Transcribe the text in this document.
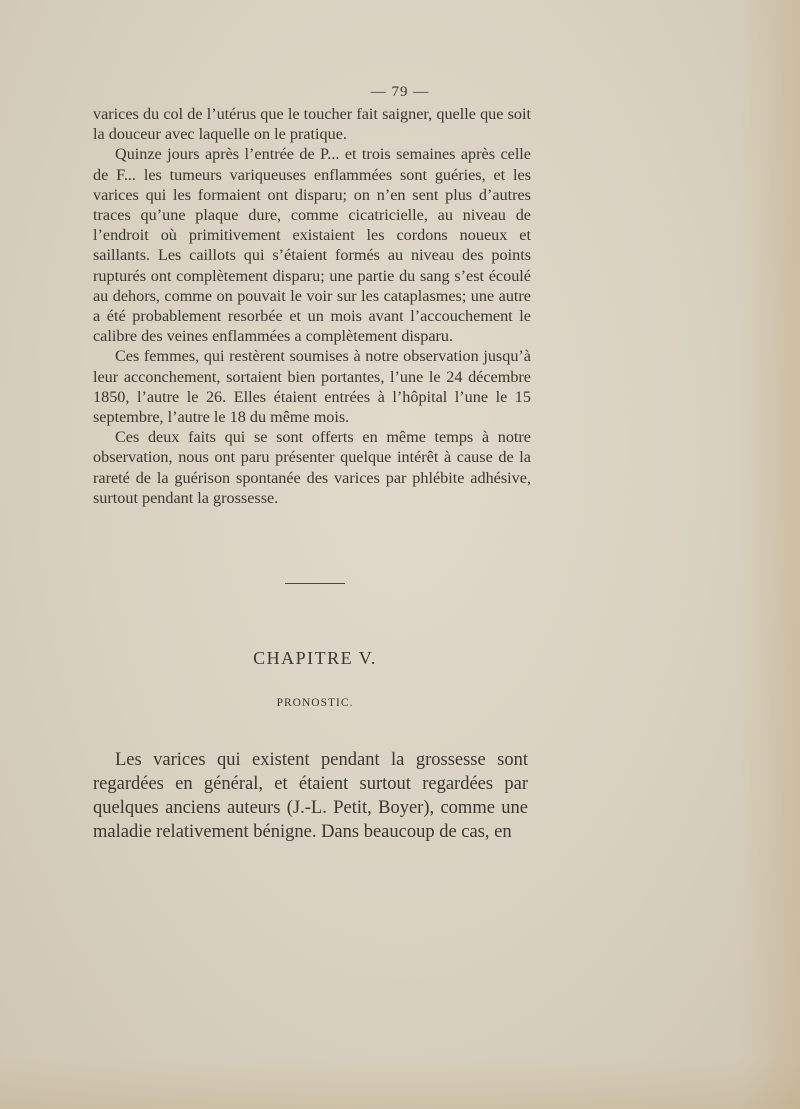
— 79 —

varices du col de l’utérus que le toucher fait saigner, quelle que soit la douceur avec laquelle on le pratique.

Quinze jours après l’entrée de P... et trois semaines après celle de F... les tumeurs variqueuses enflammées sont guéries, et les varices qui les formaient ont disparu; on n’en sent plus d’autres traces qu’une plaque dure, comme cicatricielle, au niveau de l’endroit où primitivement existaient les cordons noueux et saillants. Les caillots qui s’étaient formés au niveau des points rupturés ont complètement disparu; une partie du sang s’est écoulé au dehors, comme on pouvait le voir sur les cataplasmes; une autre a été probablement resorbée et un mois avant l’accouchement le calibre des veines enflammées a complètement disparu.

Ces femmes, qui restèrent soumises à notre observation jusqu’à leur acconchement, sortaient bien portantes, l’une le 24 décembre 1850, l’autre le 26. Elles étaient entrées à l’hôpital l’une le 15 septembre, l’autre le 18 du même mois.

Ces deux faits qui se sont offerts en même temps à notre observation, nous ont paru présenter quelque intérêt à cause de la rareté de la guérison spontanée des varices par phlébite adhésive, surtout pendant la grossesse.

CHAPITRE V.
PRONOSTIC.

Les varices qui existent pendant la grossesse sont regardées en général, et étaient surtout regardées par quelques anciens auteurs (J.-L. Petit, Boyer), comme une maladie relativement bénigne. Dans beaucoup de cas, en
